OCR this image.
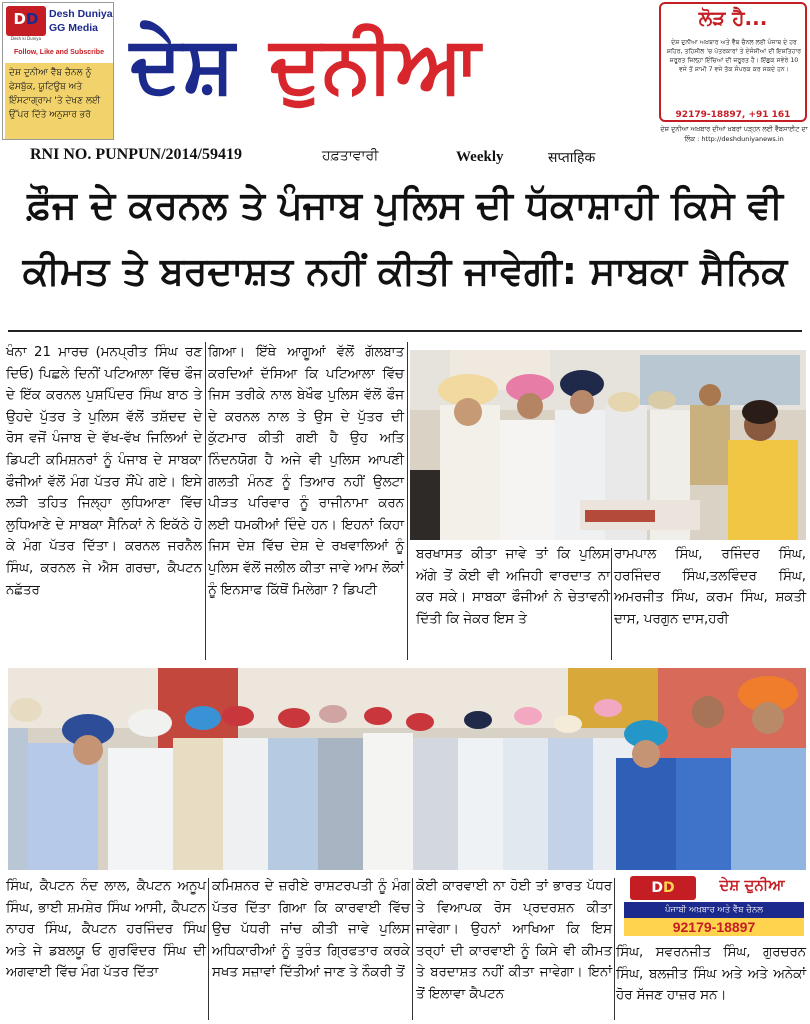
DD
Desh ki Duniya
Desh Duniya GG Media
Follow, Like and Subscribe
ਦੇਸ਼ ਦੁਨੀਆ ਵੈੱਬ ਚੈਨਲ ਨੂੰ ਫੇਸਬੁੱਕ, ਯੂਟਿਊਬ ਅਤੇ ਇੰਸਟਾਗ੍ਰਾਮ 'ਤੇ ਦੇਖਣ ਲਈ ਉੱਪਰ ਦਿੱਤੇ ਅਨੁਸਾਰ ਭਰੋ
ਦੇਸ਼ ਦੁਨੀਆ
ਲੋੜ ਹੈ...
ਦੇਸ਼ ਦੁਨੀਆ ਅਖ਼ਬਾਰ ਅਤੇ ਵੈੱਬ ਚੈਨਲ ਲਈ ਪੰਜਾਬ ਦੇ ਹਰ ਸ਼ਹਿਰ, ਤਹਿਸੀਲ 'ਚ ਪੱਤਰਕਾਰਾਂ ਤੇ ਏਜੰਸੀਆਂ ਦੀ ਇਸ਼ਤਿਹਾਰ ਜ਼ਰੂਰਤ ਜ਼ਿਲ੍ਹਾ ਇੰਚਿਆਂ ਦੀ ਜ਼ਰੂਰਤ ਹੈ। ਇੱਛੁਕ ਸਵੇਰੇ 10 ਵਜੇ ਤੋਂ ਸ਼ਾਮੀ 7 ਵਜੇ ਤੱਕ ਸੰਪਰਕ ਕਰ ਸਕਦੇ ਹਨ।
92179-18897, +91 161
ਦੇਸ਼ ਦੁਨੀਆ ਅਖ਼ਬਾਰ ਦੀਆਂ ਖ਼ਬਰਾਂ ਪੜ੍ਹਨ ਲਈ ਵੈੱਬਸਾਈਟ ਦਾ ਲਿੰਕ : http://deshduniyanews.in
RNI NO. PUNPUN/2014/59419	ਹਫ਼ਤਾਵਾਰੀ	Weekly	सप्ताहिक
ਫ਼ੌਜ ਦੇ ਕਰਨਲ ਤੇ ਪੰਜਾਬ ਪੁਲਿਸ ਦੀ ਧੱਕਾਸ਼ਾਹੀ ਕਿਸੇ ਵੀ ਕੀਮਤ ਤੇ ਬਰਦਾਸ਼ਤ ਨਹੀਂ ਕੀਤੀ ਜਾਵੇਗੀ: ਸਾਬਕਾ ਸੈਨਿਕ
ਖੰਨਾ 21 ਮਾਰਚ (ਮਨਪ੍ਰੀਤ ਸਿੰਘ ਰਣ ਦਿਓ) ਪਿਛਲੇ ਦਿਨੀਂ ਪਟਿਆਲਾ ਵਿੱਚ ਫੌਜ ਦੇ ਇੱਕ ਕਰਨਲ ਪੁਸ਼ਪਿੰਦਰ ਸਿੰਘ ਬਾਠ ਤੇ ਉਹਦੇ ਪੁੱਤਰ ਤੇ ਪੁਲਿਸ ਵੱਲੋਂ ਤਸ਼ੱਦਦ ਦੇ ਰੋਸ ਵਜੋਂ ਪੰਜਾਬ ਦੇ ਵੱਖ-ਵੱਖ ਜਿਲਿਆਂ ਦੇ ਡਿਪਟੀ ਕਮਿਸ਼ਨਰਾਂ ਨੂੰ ਪੰਜਾਬ ਦੇ ਸਾਬਕਾ ਫੌਜੀਆਂ ਵੱਲੋਂ ਮੰਗ ਪੱਤਰ ਸੌਂਪੇ ਗਏ। ਇਸੇ ਲੜੀ ਤਹਿਤ ਜਿਲ੍ਹਾ ਲੁਧਿਆਣਾ ਵਿੱਚ ਲੁਧਿਆਣੇ ਦੇ ਸਾਬਕਾ ਸੈਨਿਕਾਂ ਨੇ ਇਕੱਠੇ ਹੋ ਕੇ ਮੰਗ ਪੱਤਰ ਦਿੱਤਾ। ਕਰਨਲ ਜਰਨੈਲ ਸਿੰਘ, ਕਰਨਲ ਜੇ ਐਸ ਗਰਚਾ, ਕੈਪਟਨ ਨਛੱਤਰ
ਗਿਆ। ਇੱਥੇ ਆਗੂਆਂ ਵੱਲੋਂ ਗੱਲਬਾਤ ਕਰਦਿਆਂ ਦੱਸਿਆ ਕਿ ਪਟਿਆਲਾ ਵਿੱਚ ਜਿਸ ਤਰੀਕੇ ਨਾਲ ਬੇਖੌਫ ਪੁਲਿਸ ਵੱਲੋਂ ਫੌਜ ਦੇ ਕਰਨਲ ਨਾਲ ਤੇ ਉਸ ਦੇ ਪੁੱਤਰ ਦੀ ਕੁੱਟਮਾਰ ਕੀਤੀ ਗਈ ਹੈ ਉਹ ਅਤਿ ਨਿੰਦਨਯੋਗ ਹੈ ਅਜੇ ਵੀ ਪੁਲਿਸ ਆਪਣੀ ਗਲਤੀ ਮੰਨਣ ਨੂੰ ਤਿਆਰ ਨਹੀਂ ਉਲਟਾ ਪੀੜਤ ਪਰਿਵਾਰ ਨੂੰ ਰਾਜੀਨਾਮਾ ਕਰਨ ਲਈ ਧਮਕੀਆਂ ਦਿੰਦੇ ਹਨ। ਇਹਨਾਂ ਕਿਹਾ ਜਿਸ ਦੇਸ਼ ਵਿੱਚ ਦੇਸ਼ ਦੇ ਰਖਵਾਲਿਆਂ ਨੂੰ ਪੁਲਿਸ ਵੱਲੋਂ ਜਲੀਲ ਕੀਤਾ ਜਾਵੇ ਆਮ ਲੋਕਾਂ ਨੂੰ ਇਨਸਾਫ ਕਿੱਥੋਂ ਮਿਲੇਗਾ ? ਡਿਪਟੀ
ਬਰਖਾਸਤ ਕੀਤਾ ਜਾਵੇ ਤਾਂ ਕਿ ਪੁਲਿਸ ਅੱਗੇ ਤੋਂ ਕੋਈ ਵੀ ਅਜਿਹੀ ਵਾਰਦਾਤ ਨਾ ਕਰ ਸਕੇ। ਸਾਬਕਾ ਫੌਜੀਆਂ ਨੇ ਚੇਤਾਵਨੀ ਦਿੱਤੀ ਕਿ ਜੇਕਰ ਇਸ ਤੇ
ਰਾਮਪਾਲ ਸਿੰਘ, ਰਜਿੰਦਰ ਸਿੰਘ, ਹਰਜਿੰਦਰ ਸਿੰਘ,ਤਲਵਿੰਦਰ ਸਿੰਘ, ਅਮਰਜੀਤ ਸਿੰਘ, ਕਰਮ ਸਿੰਘ, ਸ਼ਕਤੀ ਦਾਸ, ਪਰਗੁਨ ਦਾਸ,ਹਰੀ
ਸਿੰਘ, ਕੈਪਟਨ ਨੰਦ ਲਾਲ, ਕੈਪਟਨ ਅਨੂਪ ਸਿੰਘ, ਭਾਈ ਸ਼ਮਸ਼ੇਰ ਸਿੰਘ ਆਸੀ, ਕੈਪਟਨ ਨਾਹਰ ਸਿੰਘ, ਕੈਪਟਨ ਹਰਜਿੰਦਰ ਸਿੰਘ ਅਤੇ ਜੇ ਡਬਲਯੂ ਓ ਗੁਰਵਿੰਦਰ ਸਿੰਘ ਦੀ ਅਗਵਾਈ ਵਿੱਚ ਮੰਗ ਪੱਤਰ ਦਿੱਤਾ
ਕਮਿਸ਼ਨਰ ਦੇ ਜ਼ਰੀਏ ਰਾਸ਼ਟਰਪਤੀ ਨੂੰ ਮੰਗ ਪੱਤਰ ਦਿੱਤਾ ਗਿਆ ਕਿ ਕਾਰਵਾਈ ਵਿੱਚ ਉਚ ਪੱਧਰੀ ਜਾਂਚ ਕੀਤੀ ਜਾਵੇ ਪੁਲਿਸ ਅਧਿਕਾਰੀਆਂ ਨੂੰ ਤੁਰੰਤ ਗ੍ਰਿਫਤਾਰ ਕਰਕੇ ਸਖਤ ਸਜ਼ਾਵਾਂ ਦਿੱਤੀਆਂ ਜਾਣ ਤੇ ਨੌਕਰੀ ਤੋਂ
ਕੋਈ ਕਾਰਵਾਈ ਨਾ ਹੋਈ ਤਾਂ ਭਾਰਤ ਪੱਧਰ ਤੇ ਵਿਆਪਕ ਰੋਸ ਪ੍ਰਦਰਸ਼ਨ ਕੀਤਾ ਜਾਵੇਗਾ। ਉਹਨਾਂ ਆਖਿਆ ਕਿ ਇਸ ਤਰ੍ਹਾਂ ਦੀ ਕਾਰਵਾਈ ਨੂੰ ਕਿਸੇ ਵੀ ਕੀਮਤ ਤੇ ਬਰਦਾਸ਼ਤ ਨਹੀਂ ਕੀਤਾ ਜਾਵੇਗਾ। ਇਨਾਂ ਤੋਂ ਇਲਾਵਾ ਕੈਪਟਨ
DD	ਦੇਸ਼ ਦੁਨੀਆ
ਪੰਜਾਬੀ ਅਖ਼ਬਾਰ ਅਤੇ ਵੈੱਬ ਚੈਨਲ
92179-18897
ਸਿੰਘ, ਸਵਰਨਜੀਤ ਸਿੰਘ, ਗੁਰਚਰਨ ਸਿੰਘ, ਬਲਜੀਤ ਸਿੰਘ ਅਤੇ ਅਤੇ ਅਨੇਕਾਂ ਹੋਰ ਸੱਜਣ ਹਾਜ਼ਰ ਸਨ।
